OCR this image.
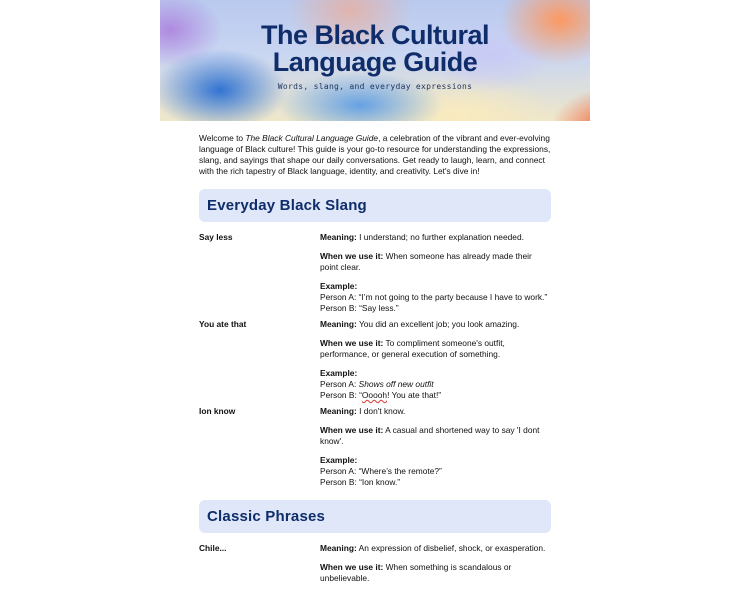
The Black Cultural
Language Guide
Words, slang, and everyday expressions

Welcome to The Black Cultural Language Guide, a celebration of the vibrant and ever-evolving language of Black culture! This guide is your go-to resource for understanding the expressions, slang, and sayings that shape our daily conversations. Get ready to laugh, learn, and connect with the rich tapestry of Black language, identity, and creativity. Let's dive in!

Everyday Black Slang
Say less	Meaning: I understand; no further explanation needed.

When we use it: When someone has already made their point clear.

Example:
Person A: “I’m not going to the party because I have to work.”
Person B: “Say less.”

You ate that	Meaning: You did an excellent job; you look amazing.

When we use it: To compliment someone's outfit, performance, or general execution of something.

Example:
Person A: Shows off new outfit
Person B: “Ooooh! You ate that!”

Ion know	Meaning: I don't know.

When we use it: A casual and shortened way to say 'I dont know'.

Example:
Person A: “Where’s the remote?”
Person B: “Ion know.”

Classic Phrases
Chile...	Meaning: An expression of disbelief, shock, or exasperation.

When we use it: When something is scandalous or unbelievable.
